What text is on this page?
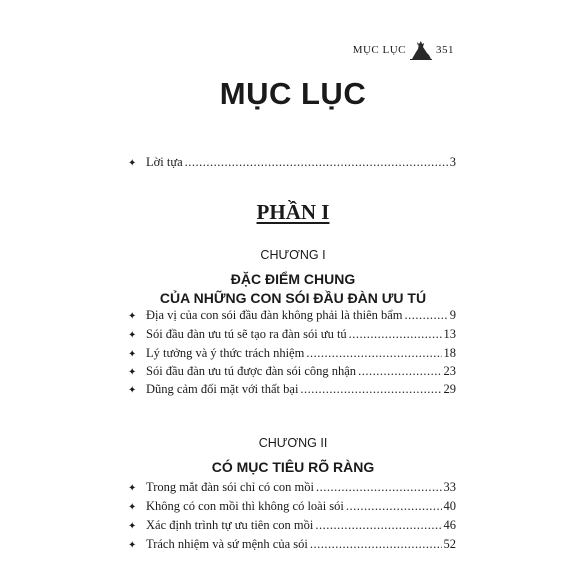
MỤC LỤC	351
MỤC LỤC
✦ Lời tựa .....	3
PHẦN I
CHƯƠNG I
ĐẶC ĐIỂM CHUNG
CỦA NHỮNG CON SÓI ĐẦU ĐÀN ƯU TÚ
✦ Địa vị của con sói đầu đàn không phải là thiên bẩm .....	9
✦ Sói đầu đàn ưu tú sẽ tạo ra đàn sói ưu tú .....	13
✦ Lý tưởng và ý thức trách nhiệm .....	18
✦ Sói đầu đàn ưu tú được đàn sói công nhận .....	23
✦ Dũng cảm đối mặt với thất bại .....	29
CHƯƠNG II
CÓ MỤC TIÊU RÕ RÀNG
✦ Trong mắt đàn sói chỉ có con mồi .....	33
✦ Không có con mồi thì không có loài sói .....	40
✦ Xác định trình tự ưu tiên con mồi .....	46
✦ Trách nhiệm và sứ mệnh của sói .....	52
